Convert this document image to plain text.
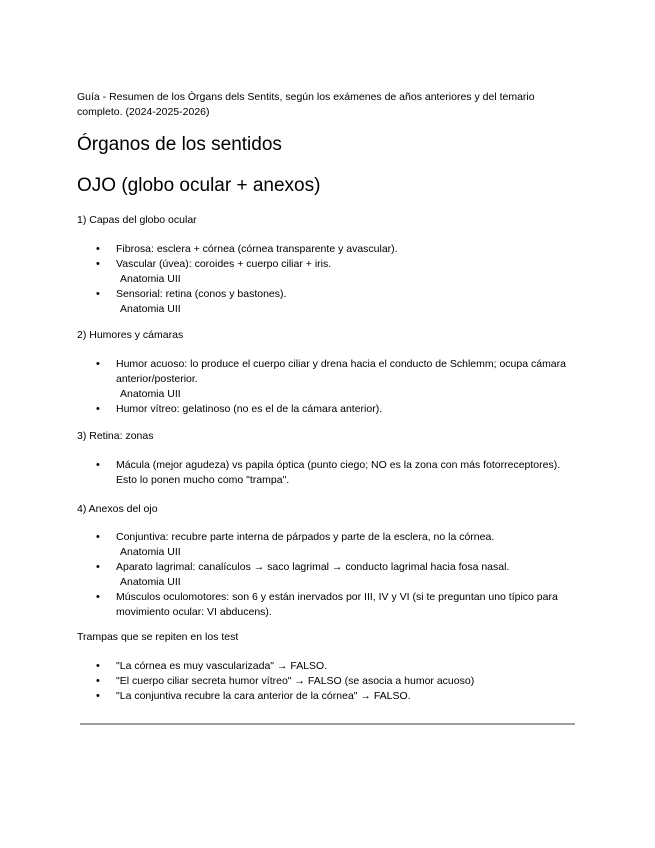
Guía - Resumen de los Òrgans dels Sentits, según los exámenes de años anteriores y del temario completo. (2024-2025-2026)
Órganos de los sentidos
OJO (globo ocular + anexos)

1) Capas del globo ocular

• Fibrosa: esclera + córnea (córnea transparente y avascular).
• Vascular (úvea): coroides + cuerpo ciliar + iris.
Anatomia UII
• Sensorial: retina (conos y bastones).
Anatomia UII

2) Humores y cámaras

• Humor acuoso: lo produce el cuerpo ciliar y drena hacia el conducto de Schlemm; ocupa cámara anterior/posterior.
Anatomia UII
• Humor vítreo: gelatinoso (no es el de la cámara anterior).

3) Retina: zonas

• Mácula (mejor agudeza) vs papila óptica (punto ciego; NO es la zona con más fotorreceptores). Esto lo ponen mucho como "trampa".

4) Anexos del ojo

• Conjuntiva: recubre parte interna de párpados y parte de la esclera, no la córnea.
Anatomia UII
• Aparato lagrimal: canalículos → saco lagrimal → conducto lagrimal hacia fosa nasal.
Anatomia UII
• Músculos oculomotores: son 6 y están inervados por III, IV y VI (si te preguntan uno típico para movimiento ocular: VI abducens).

Trampas que se repiten en los test

• "La córnea es muy vascularizada" → FALSO.
• "El cuerpo ciliar secreta humor vítreo" → FALSO (se asocia a humor acuoso)
• "La conjuntiva recubre la cara anterior de la córnea" → FALSO.
